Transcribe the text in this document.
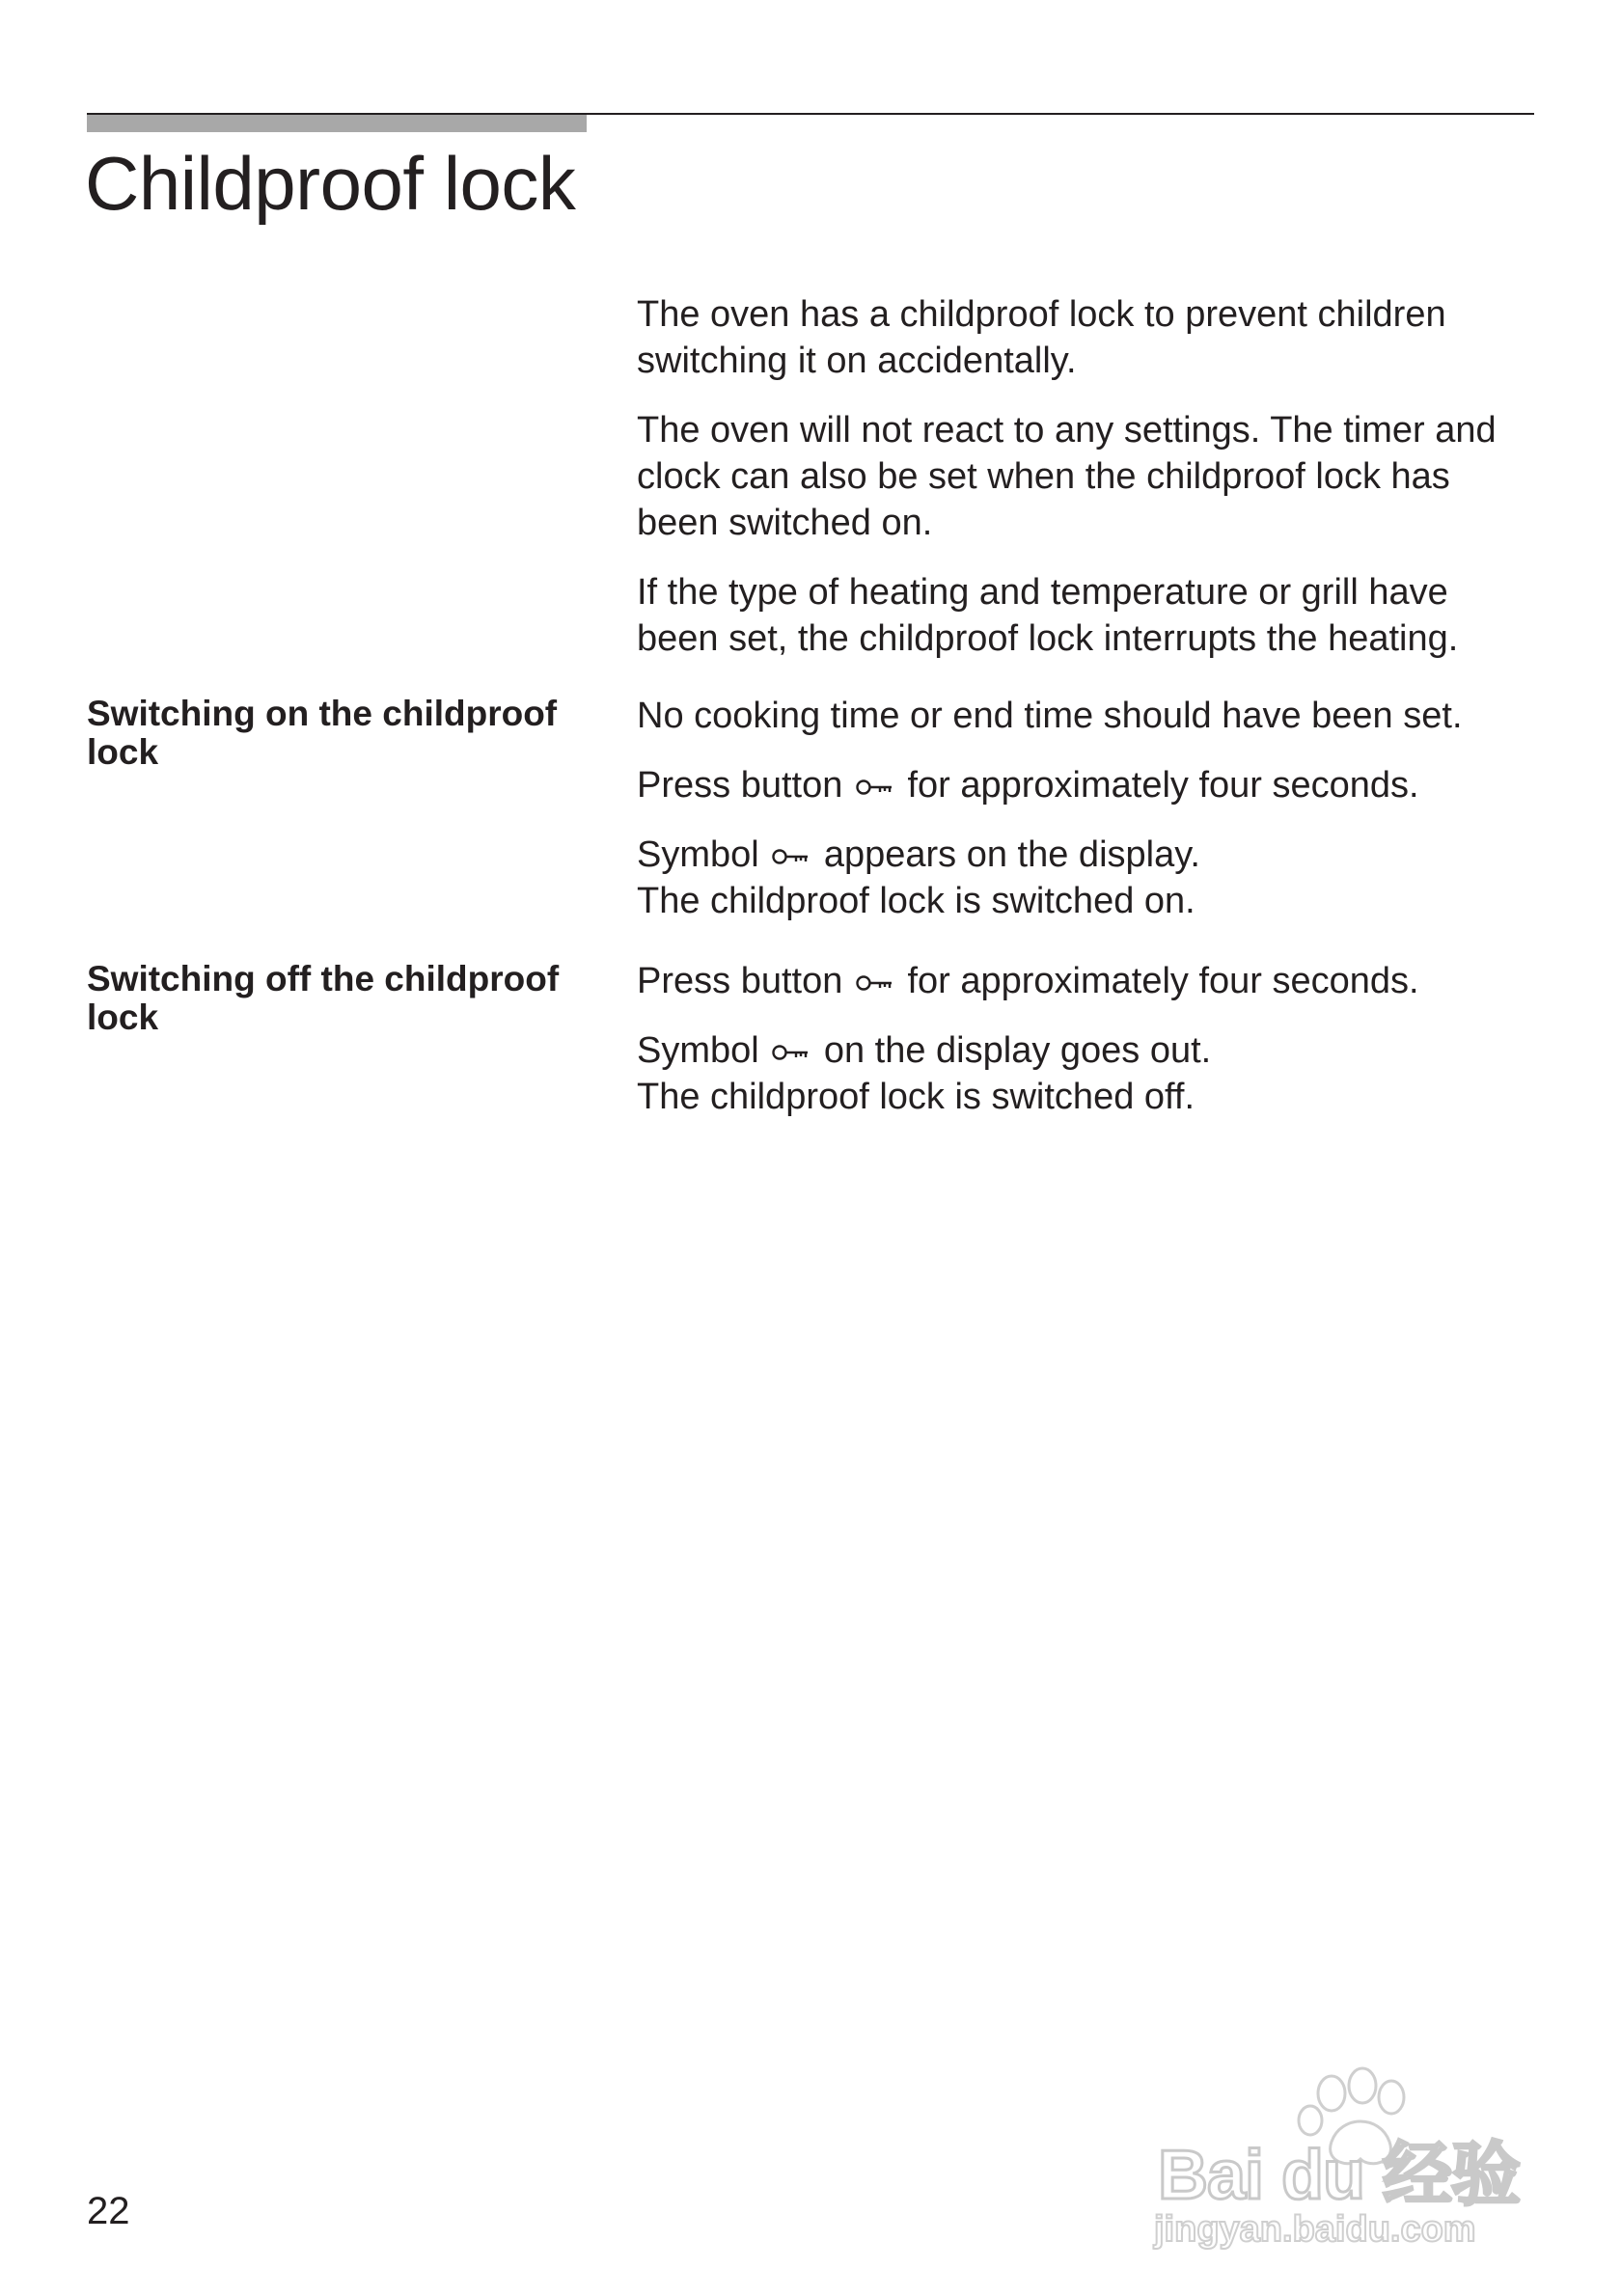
Childproof lock

The oven has a childproof lock to prevent children switching it on accidentally.

The oven will not react to any settings. The timer and clock can also be set when the childproof lock has been switched on.

If the type of heating and temperature or grill have been set, the childproof lock interrupts the heating.

Switching on the childproof lock

No cooking time or end time should have been set.

Press button for approximately four seconds.

Symbol appears on the display.
The childproof lock is switched on.

Switching off the childproof lock

Press button for approximately four seconds.

Symbol on the display goes out.
The childproof lock is switched off.

22	Bai du 经验
jingyan.baidu.com
